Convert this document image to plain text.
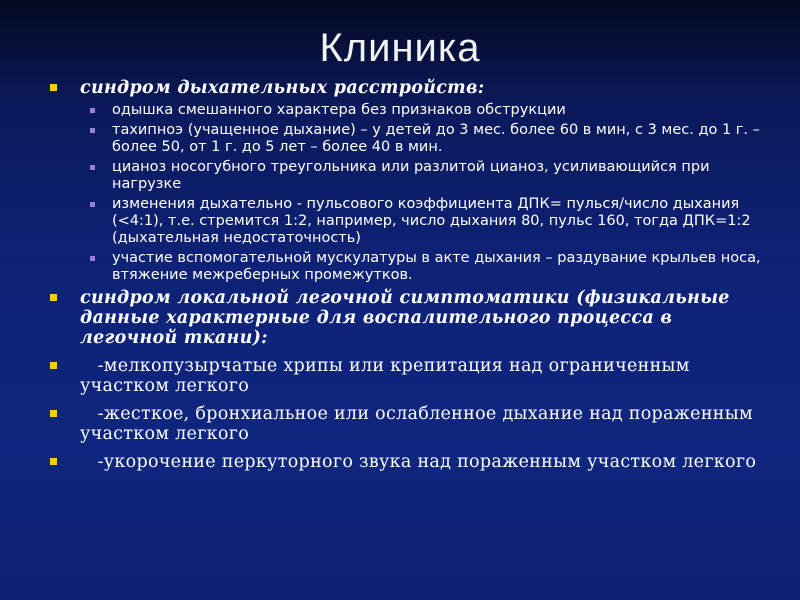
Клиника
синдром дыхательных расстройств:
одышка смешанного характера без признаков обструкции
тахипноэ (учащенное дыхание) – у детей до 3 мес. более 60 в мин, с 3 мес. до 1 г. – более 50, от 1 г. до 5 лет – более 40 в мин.
цианоз носогубного треугольника или разлитой цианоз, усиливающийся при нагрузке
изменения дыхательно - пульсового коэффициента ДПК= пулься/число дыхания   (<4:1), т.е. стремится 1:2, например, число дыхания 80, пульс 160, тогда ДПК=1:2 (дыхательная недостаточность)
участие вспомогательной мускулатуры в акте дыхания – раздувание крыльев носа, втяжение межреберных промежутков.
синдром локальной легочной симптоматики (физикальные данные характерные для воспалительного процесса в легочной ткани):
-мелкопузырчатые хрипы или крепитация над ограниченным участком легкого
-жесткое, бронхиальное или ослабленное дыхание над пораженным участком легкого
-укорочение перкуторного звука над пораженным участком легкого
